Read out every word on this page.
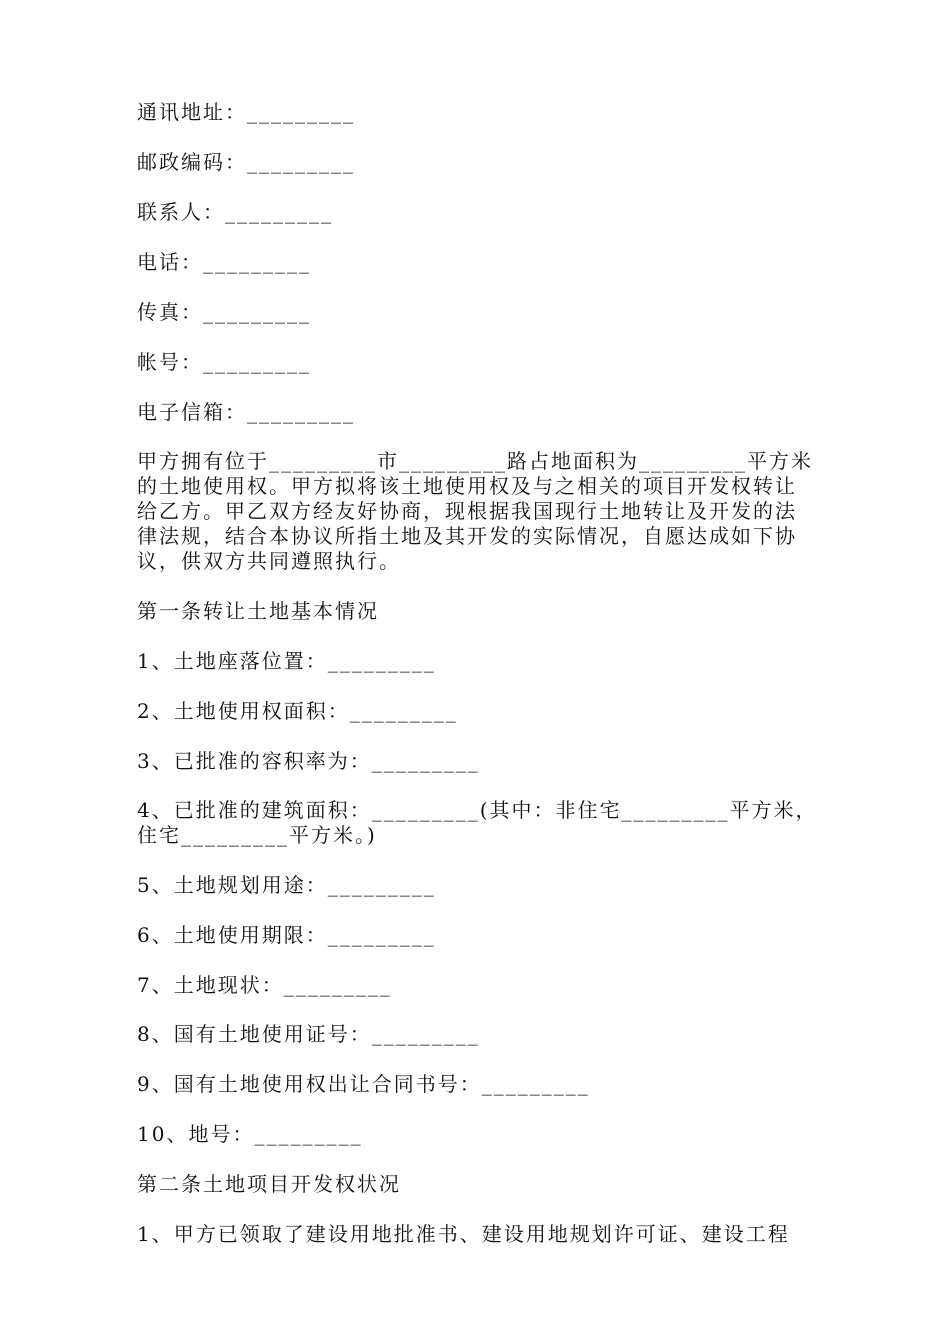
通讯地址：_________
邮政编码：_________
联系人：_________
电话：_________
传真：_________
帐号：_________
电子信箱：_________
甲方拥有位于_________市_________路占地面积为_________平方米
的土地使用权。甲方拟将该土地使用权及与之相关的项目开发权转让
给乙方。甲乙双方经友好协商，现根据我国现行土地转让及开发的法
律法规，结合本协议所指土地及其开发的实际情况，自愿达成如下协
议，供双方共同遵照执行。
第一条转让土地基本情况
1、土地座落位置：_________
2、土地使用权面积：_________
3、已批准的容积率为：_________
4、已批准的建筑面积：_________(其中：非住宅_________平方米，
住宅_________平方米。)
5、土地规划用途：_________
6、土地使用期限：_________
7、土地现状：_________
8、国有土地使用证号：_________
9、国有土地使用权出让合同书号：_________
10、地号：_________
第二条土地项目开发权状况
1、甲方已领取了建设用地批准书、建设用地规划许可证、建设工程
